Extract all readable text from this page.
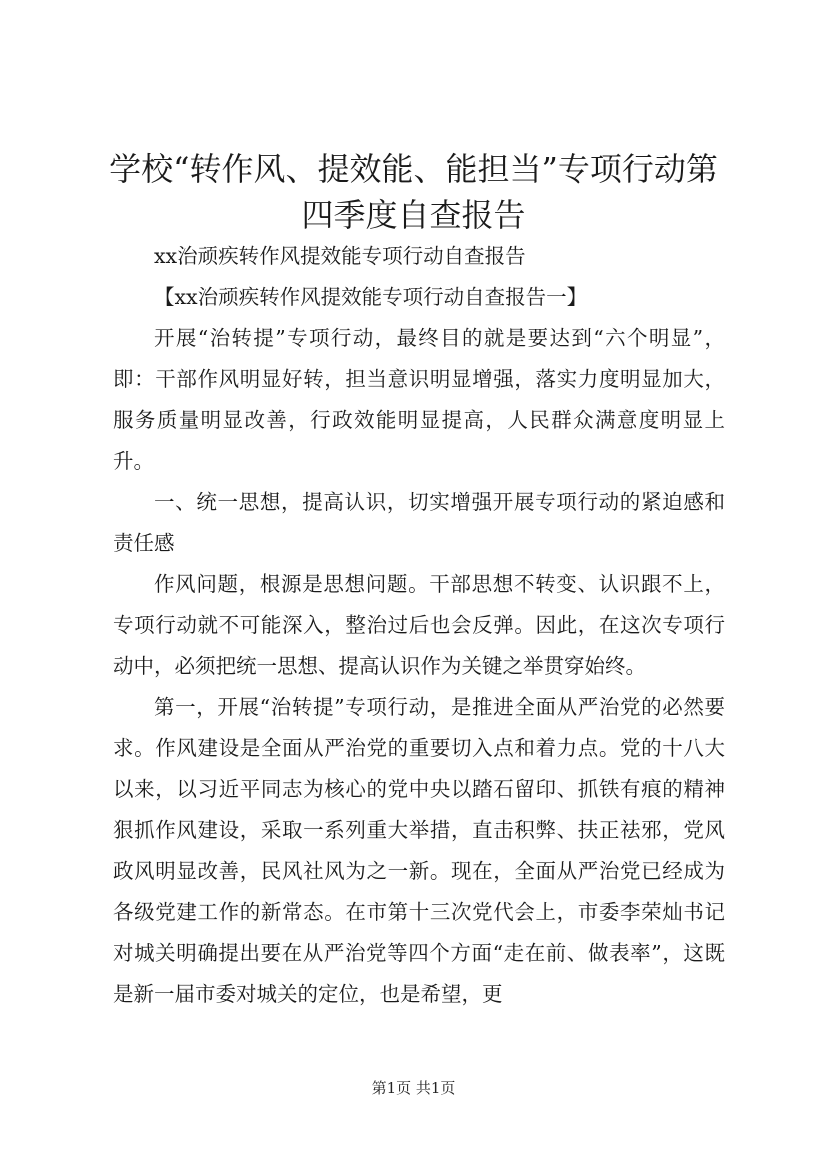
学校“转作风、提效能、能担当”专项行动第
四季度自查报告

xx治顽疾转作风提效能专项行动自查报告

【xx治顽疾转作风提效能专项行动自查报告一】

开展“治转提”专项行动，最终目的就是要达到“六个明显”，即：干部作风明显好转，担当意识明显增强，落实力度明显加大，服务质量明显改善，行政效能明显提高，人民群众满意度明显上升。

一、统一思想，提高认识，切实增强开展专项行动的紧迫感和责任感

作风问题，根源是思想问题。干部思想不转变、认识跟不上，专项行动就不可能深入，整治过后也会反弹。因此，在这次专项行动中，必须把统一思想、提高认识作为关键之举贯穿始终。

第一，开展“治转提”专项行动，是推进全面从严治党的必然要求。作风建设是全面从严治党的重要切入点和着力点。党的十八大以来，以习近平同志为核心的党中央以踏石留印、抓铁有痕的精神狠抓作风建设，采取一系列重大举措，直击积弊、扶正祛邪，党风政风明显改善，民风社风为之一新。现在，全面从严治党已经成为各级党建工作的新常态。在市第十三次党代会上，市委李荣灿书记对城关明确提出要在从严治党等四个方面“走在前、做表率”，这既是新一届市委对城关的定位，也是希望，更

第1页 共1页
